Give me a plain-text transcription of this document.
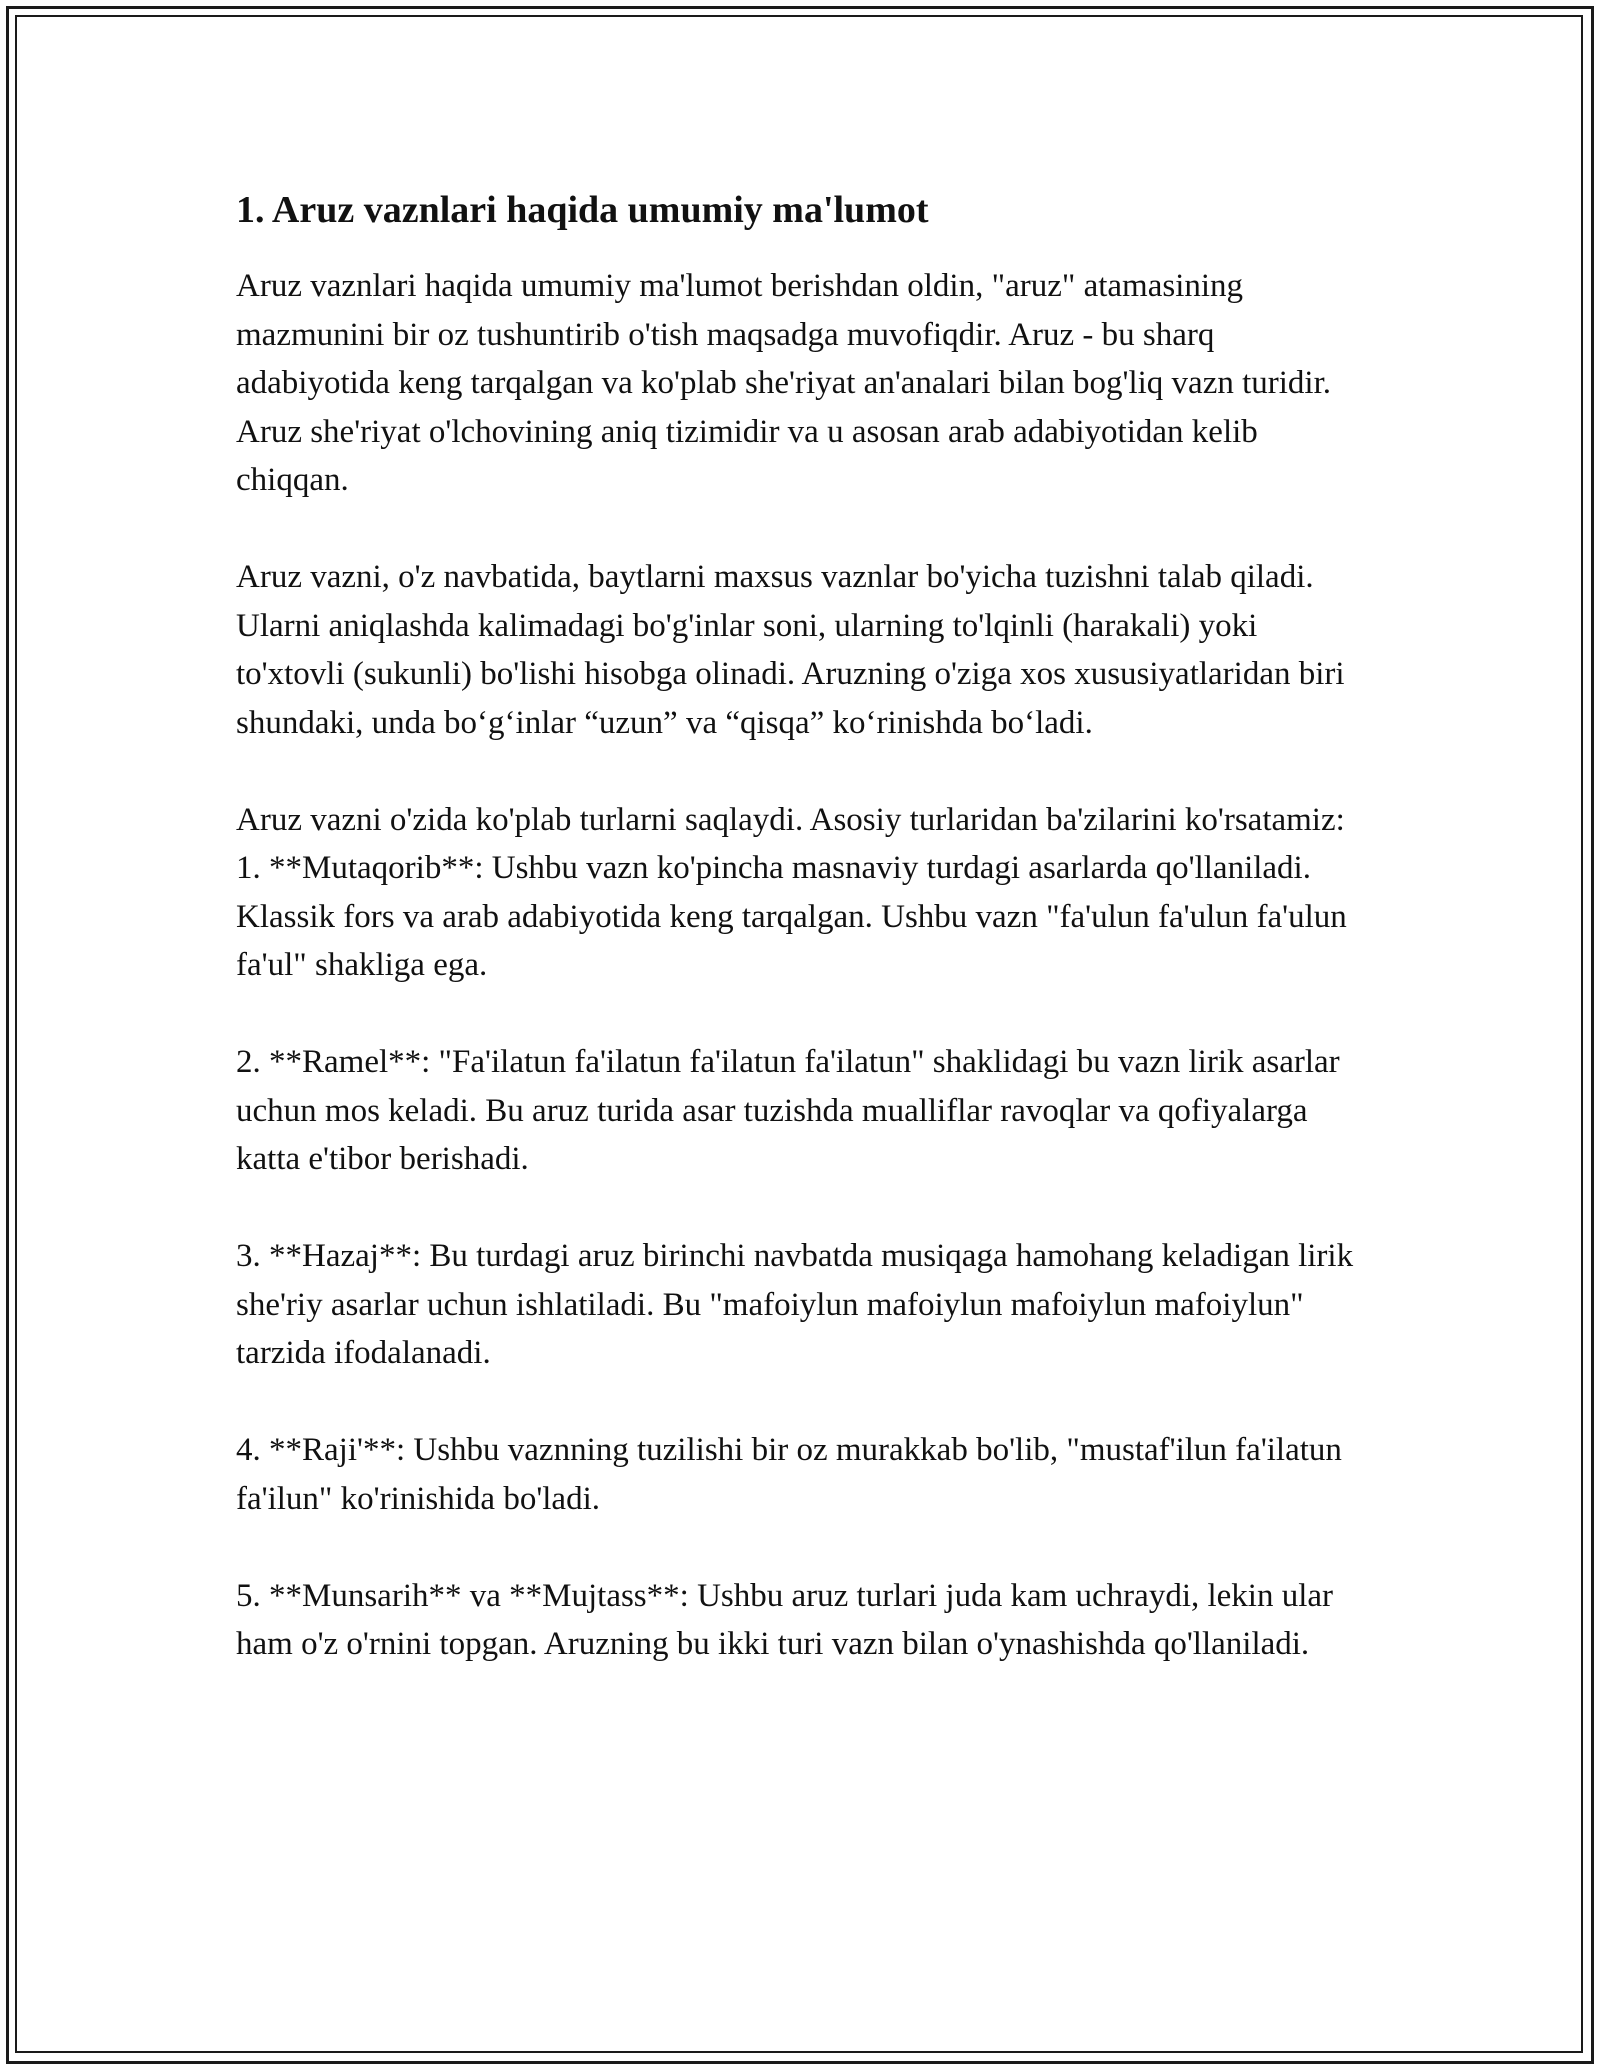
1. Aruz vaznlari haqida umumiy ma'lumot

Aruz vaznlari haqida umumiy ma'lumot berishdan oldin, "aruz" atamasining mazmunini bir oz tushuntirib o'tish maqsadga muvofiqdir. Aruz - bu sharq adabiyotida keng tarqalgan va ko'plab she'riyat an'analari bilan bog'liq vazn turidir. Aruz she'riyat o'lchovining aniq tizimidir va u asosan arab adabiyotidan kelib chiqqan.

Aruz vazni, o'z navbatida, baytlarni maxsus vaznlar bo'yicha tuzishni talab qiladi. Ularni aniqlashda kalimadagi bo'g'inlar soni, ularning to'lqinli (harakali) yoki to'xtovli (sukunli) bo'lishi hisobga olinadi. Aruzning o'ziga xos xususiyatlaridan biri shundaki, unda bo‘g‘inlar “uzun” va “qisqa” ko‘rinishda bo‘ladi.

Aruz vazni o'zida ko'plab turlarni saqlaydi. Asosiy turlaridan ba'zilarini ko'rsatamiz:
1. **Mutaqorib**: Ushbu vazn ko'pincha masnaviy turdagi asarlarda qo'llaniladi. Klassik fors va arab adabiyotida keng tarqalgan. Ushbu vazn "fa'ulun fa'ulun fa'ulun fa'ul" shakliga ega.

2. **Ramel**: "Fa'ilatun fa'ilatun fa'ilatun fa'ilatun" shaklidagi bu vazn lirik asarlar uchun mos keladi. Bu aruz turida asar tuzishda mualliflar ravoqlar va qofiyalarga katta e'tibor berishadi.

3. **Hazaj**: Bu turdagi aruz birinchi navbatda musiqaga hamohang keladigan lirik she'riy asarlar uchun ishlatiladi. Bu "mafoiylun mafoiylun mafoiylun mafoiylun" tarzida ifodalanadi.

4. **Raji'**: Ushbu vaznning tuzilishi bir oz murakkab bo'lib, "mustaf'ilun fa'ilatun fa'ilun" ko'rinishida bo'ladi.

5. **Munsarih** va **Mujtass**: Ushbu aruz turlari juda kam uchraydi, lekin ular ham o'z o'rnini topgan. Aruzning bu ikki turi vazn bilan o'ynashishda qo'llaniladi.
